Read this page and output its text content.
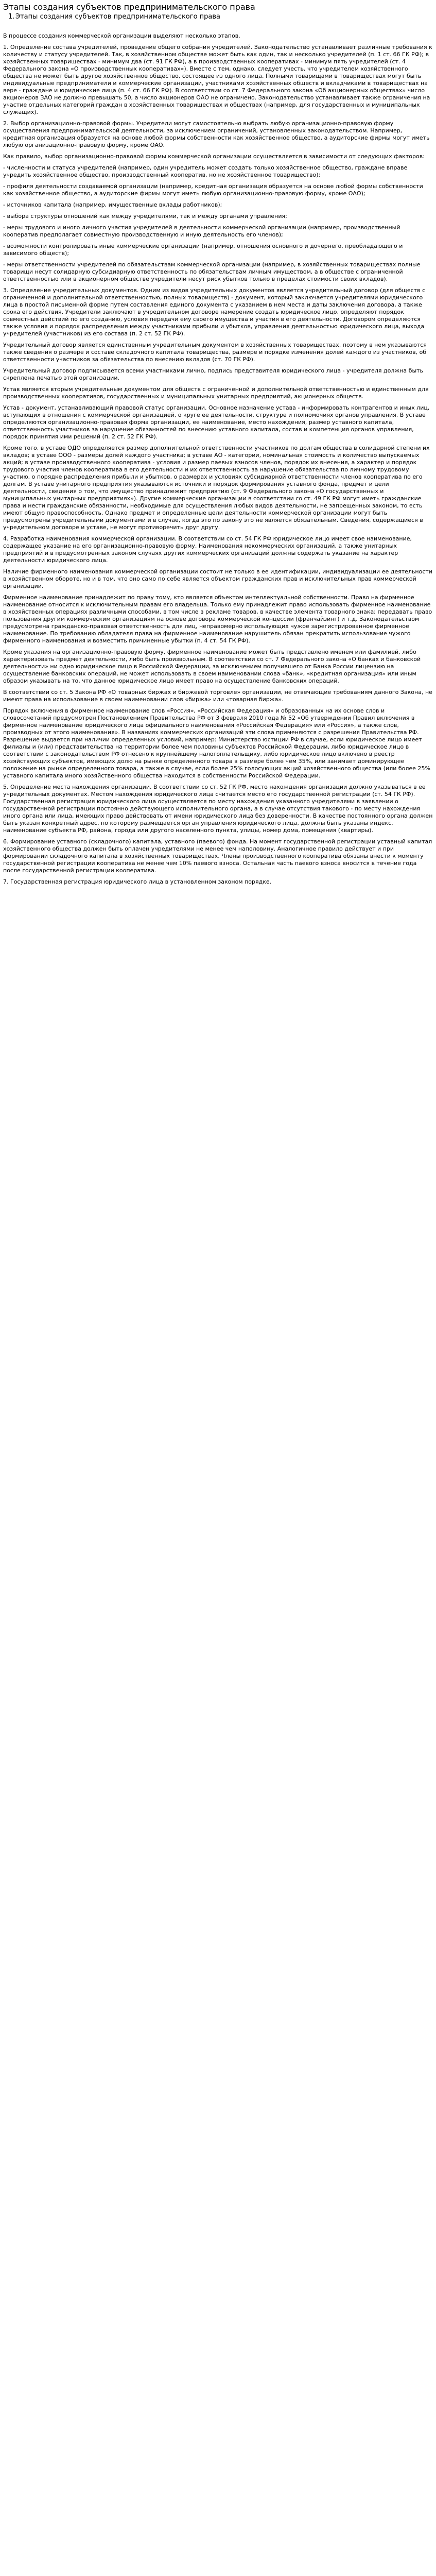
Этапы создания субъектов предпринимательского права
1. Этапы создания субъектов предпринимательского права

В процессе создания коммерческой организации выделяют несколько этапов.

1. Определение состава учредителей, проведение общего собрания учредителей. Законодательство устанавливает различные требования к количеству и статусу учредителей. Так, в хозяйственном обществе может быть как один, так и несколько учредителей (п. 1 ст. 66 ГК РФ); в хозяйственных товариществах - минимум два (ст. 91 ГК РФ), а в производственных кооперативах - минимум пять учредителей (ст. 4 Федерального закона «О производственных кооперативах»). Вместе с тем, однако, следует учесть, что учредителем хозяйственного общества не может быть другое хозяйственное общество, состоящее из одного лица. Полными товарищами в товариществах могут быть индивидуальные предприниматели и коммерческие организации, участниками хозяйственных обществ и вкладчиками в товариществах на вере - граждане и юридические лица (п. 4 ст. 66 ГК РФ). В соответствии со ст. 7 Федерального закона «Об акционерных обществах» число акционеров ЗАО не должно превышать 50, а число акционеров ОАО не ограничено. Законодательство устанавливает также ограничения на участие отдельных категорий граждан в хозяйственных товариществах и обществах (например, для государственных и муниципальных служащих).

2. Выбор организационно-правовой формы. Учредители могут самостоятельно выбрать любую организационно-правовую форму осуществления предпринимательской деятельности, за исключением ограничений, установленных законодательством. Например, кредитная организация образуется на основе любой формы собственности как хозяйственное общество, а аудиторские фирмы могут иметь любую организационно-правовую форму, кроме ОАО.

Как правило, выбор организационно-правовой формы коммерческой организации осуществляется в зависимости от следующих факторов:

- численности и статуса учредителей (например, один учредитель может создать только хозяйственное общество, граждане вправе учредить хозяйственное общество, производственный кооператив, но не хозяйственное товарищество);

- профиля деятельности создаваемой организации (например, кредитная организация образуется на основе любой формы собственности как хозяйственное общество, а аудиторские фирмы могут иметь любую организационно-правовую форму, кроме ОАО);

- источников капитала (например, имущественные вклады работников);

- выбора структуры отношений как между учредителями, так и между органами управления;

- меры трудового и иного личного участия учредителей в деятельности коммерческой организации (например, производственный кооператив предполагает совместную производственную и иную деятельность его членов);

- возможности контролировать иные коммерческие организации (например, отношения основного и дочернего, преобладающего и зависимого обществ);

- меры ответственности учредителей по обязательствам коммерческой организации (например, в хозяйственных товариществах полные товарищи несут солидарную субсидиарную ответственность по обязательствам личным имуществом, а в обществе с ограниченной ответственностью или в акционерном обществе учредители несут риск убытков только в пределах стоимости своих вкладов).

3. Определение учредительных документов. Одним из видов учредительных документов является учредительный договор (для обществ с ограниченной и дополнительной ответственностью, полных товариществ) - документ, который заключается учредителями юридического лица в простой письменной форме путем составления единого документа с указанием в нем места и даты заключения договора, а также срока его действия. Учредители заключают в учредительном договоре намерение создать юридическое лицо, определяют порядок совместных действий по его созданию, условия передачи ему своего имущества и участия в его деятельности. Договором определяются также условия и порядок распределения между участниками прибыли и убытков, управления деятельностью юридического лица, выхода учредителей (участников) из его состава (п. 2 ст. 52 ГК РФ).

Учредительный договор является единственным учредительным документом в хозяйственных товариществах, поэтому в нем указываются также сведения о размере и составе складочного капитала товарищества, размере и порядке изменения долей каждого из участников, об ответственности участников за обязательства по внесению вкладов (ст. 70 ГК РФ).

Учредительный договор подписывается всеми участниками лично, подпись представителя юридического лица - учредителя должна быть скреплена печатью этой организации.

Устав является вторым учредительным документом для обществ с ограниченной и дополнительной ответственностью и единственным для производственных кооперативов, государственных и муниципальных унитарных предприятий, акционерных обществ.

Устав - документ, устанавливающий правовой статус организации. Основное назначение устава - информировать контрагентов и иных лиц, вступающих в отношения с коммерческой организацией, о круге ее деятельности, структуре и полномочиях органов управления. В уставе определяются организационно-правовая форма организации, ее наименование, место нахождения, размер уставного капитала, ответственность участников за нарушение обязанностей по внесению уставного капитала, состав и компетенция органов управления, порядок принятия ими решений (п. 2 ст. 52 ГК РФ).

Кроме того, в уставе ОДО определяется размер дополнительной ответственности участников по долгам общества в солидарной степени их вкладов; в уставе ООО - размеры долей каждого участника; в уставе АО - категории, номинальная стоимость и количество выпускаемых акций; в уставе производственного кооператива - условия и размер паевых взносов членов, порядок их внесения, а характер и порядок трудового участия членов кооператива в его деятельности и их ответственность за нарушение обязательства по личному трудовому участию, о порядке распределения прибыли и убытков, о размерах и условиях субсидиарной ответственности членов кооператива по его долгам. В уставе унитарного предприятия указываются источники и порядок формирования уставного фонда, предмет и цели деятельности, сведения о том, что имущество принадлежит предприятию (ст. 9 Федерального закона «О государственных и муниципальных унитарных предприятиях»). Другие коммерческие организации в соответствии со ст. 49 ГК РФ могут иметь гражданские права и нести гражданские обязанности, необходимые для осуществления любых видов деятельности, не запрещенных законом, то есть имеют общую правоспособность. Однако предмет и определенные цели деятельности коммерческой организации могут быть предусмотрены учредительными документами и в случае, когда это по закону это не является обязательным. Сведения, содержащиеся в учредительном договоре и уставе, не могут противоречить друг другу.

4. Разработка наименования коммерческой организации. В соответствии со ст. 54 ГК РФ юридическое лицо имеет свое наименование, содержащее указание на его организационно-правовую форму. Наименования некоммерческих организаций, а также унитарных предприятий и в предусмотренных законом случаях других коммерческих организаций должны содержать указание на характер деятельности юридического лица.

Наличие фирменного наименования коммерческой организации состоит не только в ее идентификации, индивидуализации ее деятельности в хозяйственном обороте, но и в том, что оно само по себе является объектом гражданских прав и исключительных прав коммерческой организации.

Фирменное наименование принадлежит по праву тому, кто является объектом интеллектуальной собственности. Право на фирменное наименование относится к исключительным правам его владельца. Только ему принадлежит право использовать фирменное наименование в хозяйственных операциях различными способами, в том числе в рекламе товаров, в качестве элемента товарного знака; передавать право пользования другим коммерческим организациям на основе договора коммерческой концессии (франчайзинг) и т.д. Законодательством предусмотрена гражданско-правовая ответственность для лиц, неправомерно использующих чужое зарегистрированное фирменное наименование. По требованию обладателя права на фирменное наименование нарушитель обязан прекратить использование чужого фирменного наименования и возместить причиненные убытки (п. 4 ст. 54 ГК РФ).

Кроме указания на организационно-правовую форму, фирменное наименование может быть представлено именем или фамилией, либо характеризовать предмет деятельности, либо быть произвольным. В соответствии со ст. 7 Федерального закона «О банках и банковской деятельности» ни одно юридическое лицо в Российской Федерации, за исключением получившего от Банка России лицензию на осуществление банковских операций, не может использовать в своем наименовании слова «банк», «кредитная организация» или иным образом указывать на то, что данное юридическое лицо имеет право на осуществление банковских операций.

В соответствии со ст. 5 Закона РФ «О товарных биржах и биржевой торговле» организации, не отвечающие требованиям данного Закона, не имеют права на использование в своем наименовании слов «биржа» или «товарная биржа».

Порядок включения в фирменное наименование слов «Россия», «Российская Федерация» и образованных на их основе слов и словосочетаний предусмотрен Постановлением Правительства РФ от 3 февраля 2010 года № 52 «Об утверждении Правил включения в фирменное наименование юридического лица официального наименования «Российская Федерация» или «Россия», а также слов, производных от этого наименования». В названиях коммерческих организаций эти слова применяются с разрешения Правительства РФ. Разрешение выдается при наличии определенных условий, например: Министерство юстиции РФ в случае, если юридическое лицо имеет филиалы и (или) представительства на территории более чем половины субъектов Российской Федерации, либо юридическое лицо в соответствии с законодательством РФ отнесено к крупнейшему налогоплательщику, либо юридическое лицо включено в реестр хозяйствующих субъектов, имеющих долю на рынке определенного товара в размере более чем 35%, или занимает доминирующее положение на рынке определенного товара, а также в случае, если более 25% голосующих акций хозяйственного общества (или более 25% уставного капитала иного хозяйственного общества находится в собственности Российской Федерации.

5. Определение места нахождения организации. В соответствии со ст. 52 ГК РФ, место нахождения организации должно указываться в ее учредительных документах. Местом нахождения юридического лица считается место его государственной регистрации (ст. 54 ГК РФ). Государственная регистрация юридического лица осуществляется по месту нахождения указанного учредителями в заявлении о государственной регистрации постоянно действующего исполнительного органа, а в случае отсутствия такового - по месту нахождения иного органа или лица, имеющих право действовать от имени юридического лица без доверенности. В качестве постоянного органа должен быть указан конкретный адрес, по которому размещается орган управления юридического лица, должны быть указаны индекс, наименование субъекта РФ, района, города или другого населенного пункта, улицы, номер дома, помещения (квартиры).

6. Формирование уставного (складочного) капитала, уставного (паевого) фонда. На момент государственной регистрации уставный капитал хозяйственного общества должен быть оплачен учредителями не менее чем наполовину. Аналогичное правило действует и при формировании складочного капитала в хозяйственных товариществах. Члены производственного кооператива обязаны внести к моменту государственной регистрации кооператива не менее чем 10% паевого взноса. Остальная часть паевого взноса вносится в течение года после государственной регистрации кооператива.

7. Государственная регистрация юридического лица в установленном законом порядке.
